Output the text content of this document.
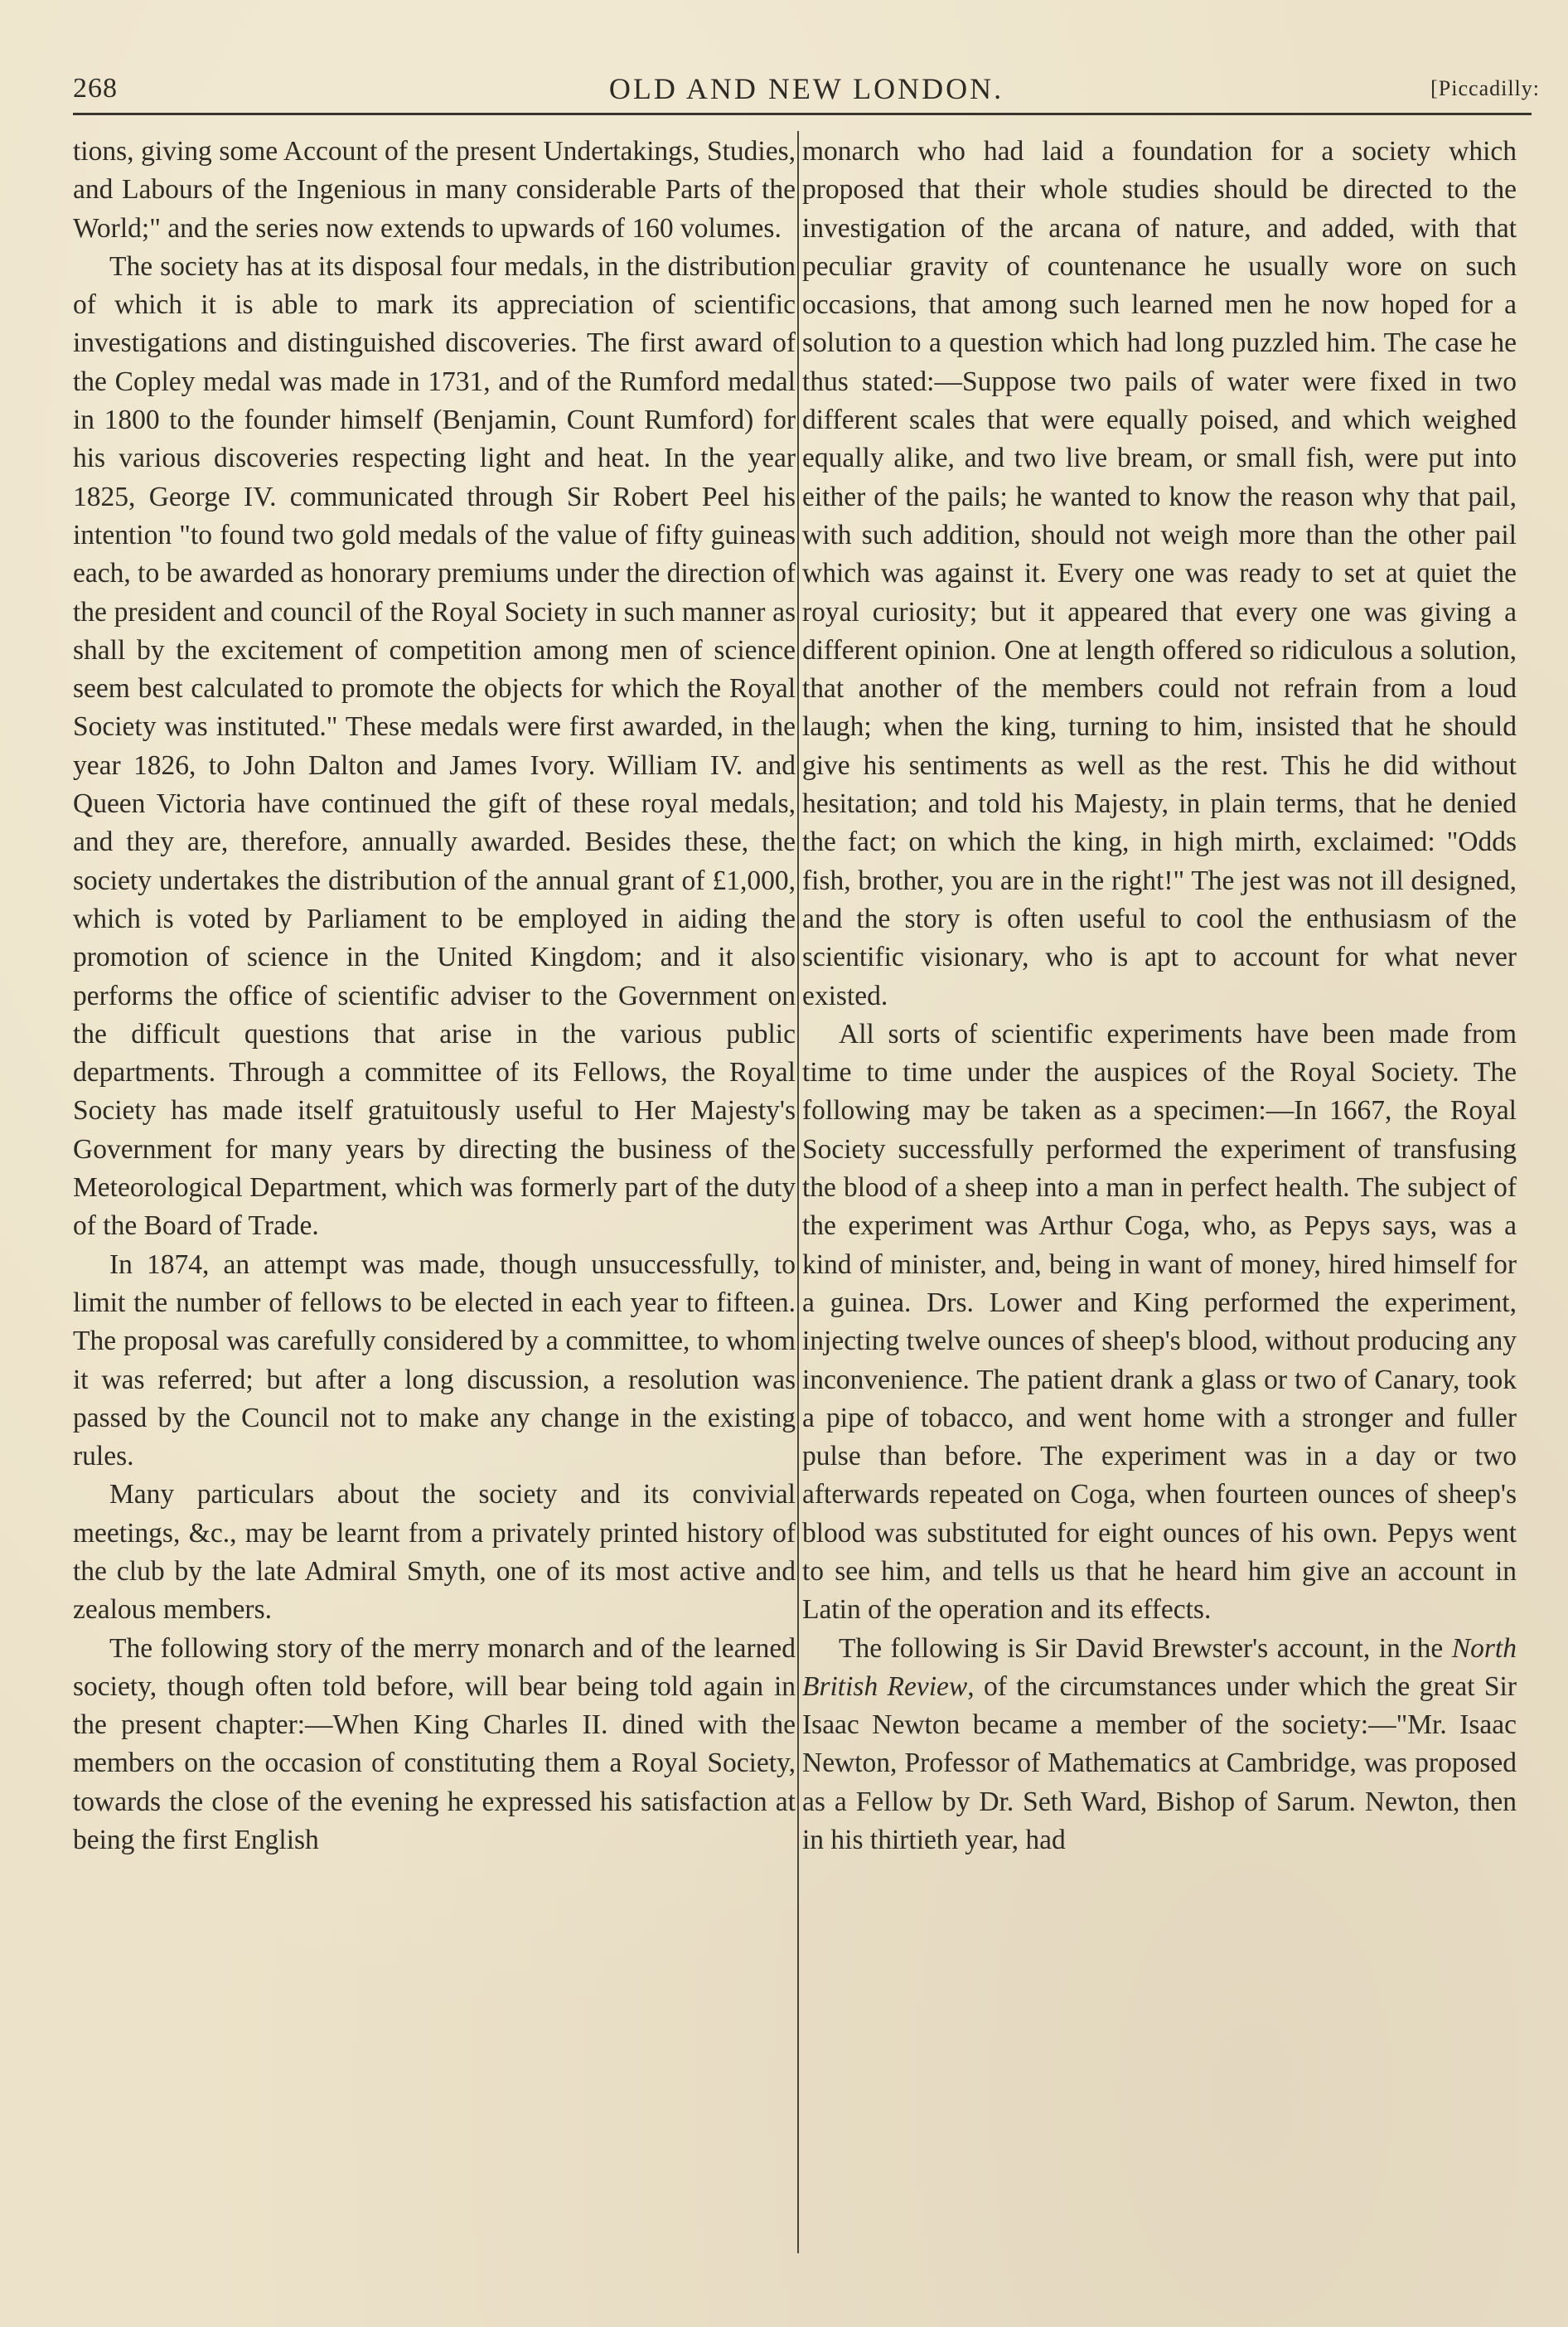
268	OLD AND NEW LONDON.	[Piccadilly:

tions, giving some Account of the present Undertakings, Studies, and Labours of the Ingenious in many considerable Parts of the World;" and the series now extends to upwards of 160 volumes.

The society has at its disposal four medals, in the distribution of which it is able to mark its appreciation of scientific investigations and distinguished discoveries. The first award of the Copley medal was made in 1731, and of the Rumford medal in 1800 to the founder himself (Benjamin, Count Rumford) for his various discoveries respecting light and heat. In the year 1825, George IV. communicated through Sir Robert Peel his intention "to found two gold medals of the value of fifty guineas each, to be awarded as honorary premiums under the direction of the president and council of the Royal Society in such manner as shall by the excitement of competition among men of science seem best calculated to promote the objects for which the Royal Society was instituted." These medals were first awarded, in the year 1826, to John Dalton and James Ivory. William IV. and Queen Victoria have continued the gift of these royal medals, and they are, therefore, annually awarded. Besides these, the society undertakes the distribution of the annual grant of £1,000, which is voted by Parliament to be employed in aiding the promotion of science in the United Kingdom; and it also performs the office of scientific adviser to the Government on the difficult questions that arise in the various public departments. Through a committee of its Fellows, the Royal Society has made itself gratuitously useful to Her Majesty's Government for many years by directing the business of the Meteorological Department, which was formerly part of the duty of the Board of Trade.

In 1874, an attempt was made, though unsuccessfully, to limit the number of fellows to be elected in each year to fifteen. The proposal was carefully considered by a committee, to whom it was referred; but after a long discussion, a resolution was passed by the Council not to make any change in the existing rules.

Many particulars about the society and its convivial meetings, &c., may be learnt from a privately printed history of the club by the late Admiral Smyth, one of its most active and zealous members.

The following story of the merry monarch and of the learned society, though often told before, will bear being told again in the present chapter:—When King Charles II. dined with the members on the occasion of constituting them a Royal Society, towards the close of the evening he expressed his satisfaction at being the first English

monarch who had laid a foundation for a society which proposed that their whole studies should be directed to the investigation of the arcana of nature, and added, with that peculiar gravity of countenance he usually wore on such occasions, that among such learned men he now hoped for a solution to a question which had long puzzled him. The case he thus stated:—Suppose two pails of water were fixed in two different scales that were equally poised, and which weighed equally alike, and two live bream, or small fish, were put into either of the pails; he wanted to know the reason why that pail, with such addition, should not weigh more than the other pail which was against it. Every one was ready to set at quiet the royal curiosity; but it appeared that every one was giving a different opinion. One at length offered so ridiculous a solution, that another of the members could not refrain from a loud laugh; when the king, turning to him, insisted that he should give his sentiments as well as the rest. This he did without hesitation; and told his Majesty, in plain terms, that he denied the fact; on which the king, in high mirth, exclaimed: "Odds fish, brother, you are in the right!" The jest was not ill designed, and the story is often useful to cool the enthusiasm of the scientific visionary, who is apt to account for what never existed.

All sorts of scientific experiments have been made from time to time under the auspices of the Royal Society. The following may be taken as a specimen:—In 1667, the Royal Society successfully performed the experiment of transfusing the blood of a sheep into a man in perfect health. The subject of the experiment was Arthur Coga, who, as Pepys says, was a kind of minister, and, being in want of money, hired himself for a guinea. Drs. Lower and King performed the experiment, injecting twelve ounces of sheep's blood, without producing any inconvenience. The patient drank a glass or two of Canary, took a pipe of tobacco, and went home with a stronger and fuller pulse than before. The experiment was in a day or two afterwards repeated on Coga, when fourteen ounces of sheep's blood was substituted for eight ounces of his own. Pepys went to see him, and tells us that he heard him give an account in Latin of the operation and its effects.

The following is Sir David Brewster's account, in the North British Review, of the circumstances under which the great Sir Isaac Newton became a member of the society:—"Mr. Isaac Newton, Professor of Mathematics at Cambridge, was proposed as a Fellow by Dr. Seth Ward, Bishop of Sarum. Newton, then in his thirtieth year, had
